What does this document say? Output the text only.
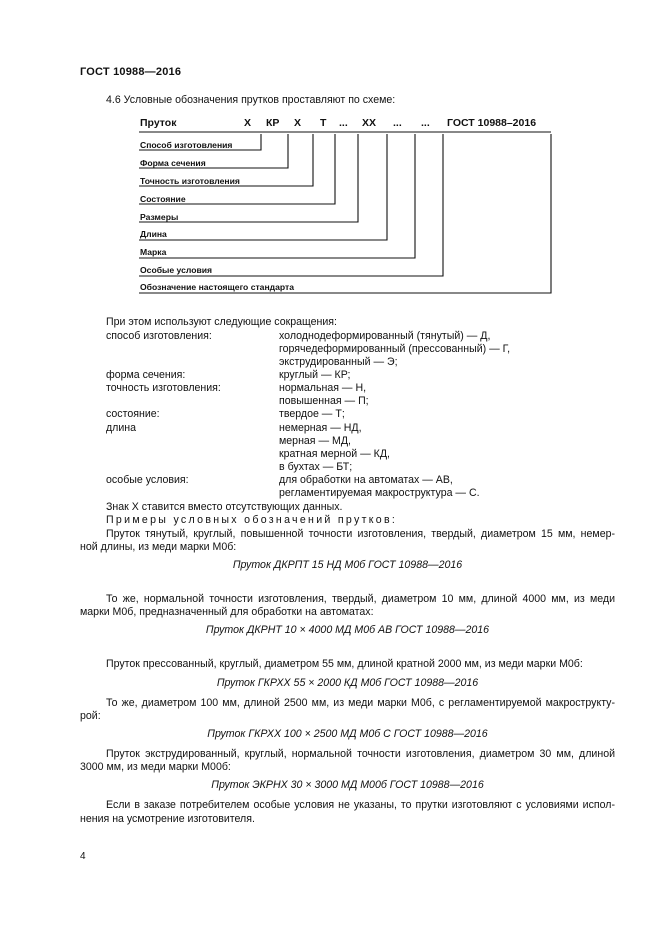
ГОСТ 10988—2016
4.6 Условные обозначения прутков проставляют по схеме:
Пруток	Х КР Х Т ... ХХ ... ... ГОСТ 10988–2016
Способ изготовления
Форма сечения
Точность изготовления
Состояние
Размеры
Длина
Марка
Особые условия
Обозначение настоящего стандарта
При этом используют следующие сокращения:
способ изготовления:	холоднодеформированный (тянутый) — Д,
горячедеформированный (прессованный) — Г,
экструдированный — Э;
форма сечения:	круглый — КР;
точность изготовления:	нормальная — Н,
повышенная — П;
состояние:	твердое — Т;
длина	немерная — НД,
мерная — МД,
кратная мерной — КД,
в бухтах — БТ;
особые условия:	для обработки на автоматах — АВ,
регламентируемая макроструктура — С.
Знак Х ставится вместо отсутствующих данных.
Примеры условных обозначений прутков:
Пруток тянутый, круглый, повышенной точности изготовления, твердый, диаметром 15 мм, немер-
ной длины, из меди марки М0б:
Пруток ДКРПТ 15 НД М0б ГОСТ 10988—2016
То же, нормальной точности изготовления, твердый, диаметром 10 мм, длиной 4000 мм, из меди
марки М0б, предназначенный для обработки на автоматах:
Пруток ДКРНТ 10 × 4000 МД М0б АВ ГОСТ 10988—2016
Пруток прессованный, круглый, диаметром 55 мм, длиной кратной 2000 мм, из меди марки М0б:
Пруток ГКРХХ 55 × 2000 КД М0б ГОСТ 10988—2016
То же, диаметром 100 мм, длиной 2500 мм, из меди марки М0б, с регламентируемой макрострукту-
рой:
Пруток ГКРХХ 100 × 2500 МД М0б С ГОСТ 10988—2016
Пруток экструдированный, круглый, нормальной точности изготовления, диаметром 30 мм, длиной
3000 мм, из меди марки М00б:
Пруток ЭКРНХ 30 × 3000 МД М00б ГОСТ 10988—2016
Если в заказе потребителем особые условия не указаны, то прутки изготовляют с условиями испол-
нения на усмотрение изготовителя.
4
